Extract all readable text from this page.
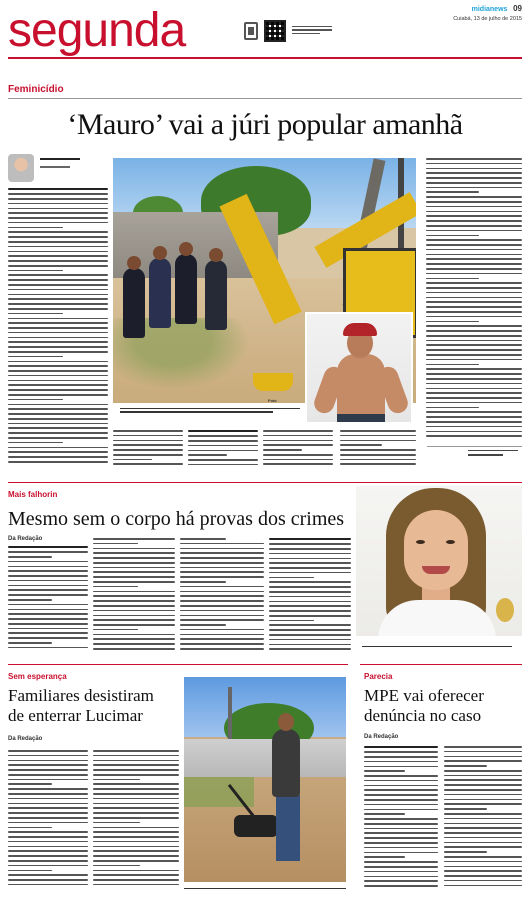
segunda	midianews 09
Cuiabá, 13 de julho de 2015
Feminicídio
‘Mauro’ vai a júri popular amanhã
Foto
Mais falhorin
Mesmo sem o corpo há provas dos crimes
Da Redação
Sem esperança
Familiares desistiram
de enterrar Lucimar
Da Redação
Parecia
MPE vai oferecer
denúncia no caso
Da Redação
